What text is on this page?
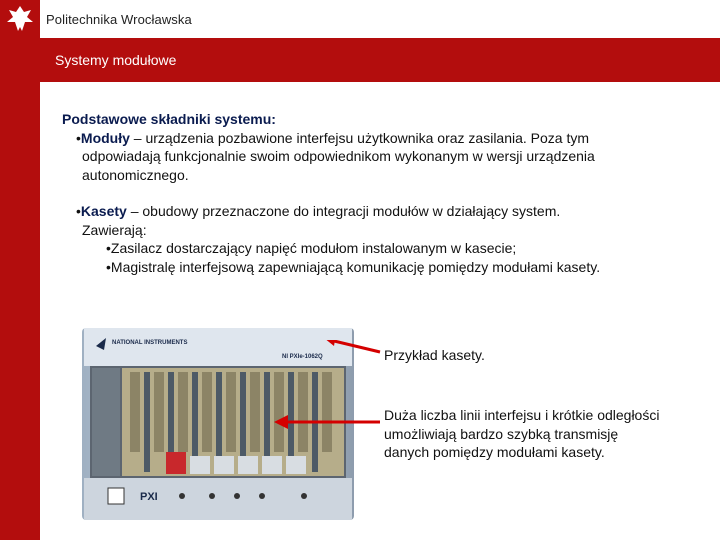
Politechnika Wrocławska
Systemy modułowe
Podstawowe składniki systemu:
•Moduły – urządzenia pozbawione interfejsu użytkownika oraz zasilania. Poza tym
odpowiadają funkcjonalnie swoim odpowiednikom wykonanym w wersji urządzenia
autonomicznego.
•Kasety – obudowy przeznaczone do integracji modułów w działający system.
Zawierają:
•Zasilacz dostarczający napięć modułom instalowanym w kasecie;
•Magistralę interfejsową zapewniającą komunikację pomiędzy modułami kasety.
NATIONAL INSTRUMENTS
NI PXIe-1062Q
PXI
Przykład kasety.
Duża liczba linii interfejsu i krótkie odległości
umożliwiają bardzo szybką transmisję
danych pomiędzy modułami kasety.
